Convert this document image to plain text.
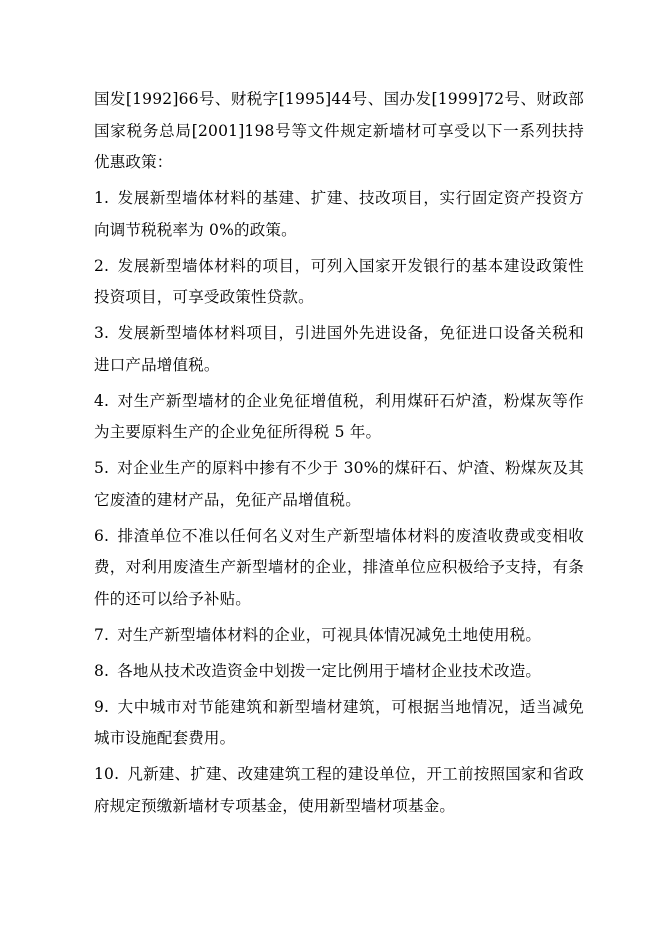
国发[1992]66号、财税字[1995]44号、国办发[1999]72号、财政部国家税务总局[2001]198号等文件规定新墙材可享受以下一系列扶持优惠政策：

1. 发展新型墙体材料的基建、扩建、技改项目，实行固定资产投资方向调节税税率为 0%的政策。

2. 发展新型墙体材料的项目，可列入国家开发银行的基本建设政策性投资项目，可享受政策性贷款。

3. 发展新型墙体材料项目，引进国外先进设备，免征进口设备关税和进口产品增值税。

4. 对生产新型墙材的企业免征增值税，利用煤矸石炉渣，粉煤灰等作为主要原料生产的企业免征所得税 5 年。

5. 对企业生产的原料中掺有不少于 30%的煤矸石、炉渣、粉煤灰及其它废渣的建材产品，免征产品增值税。

6. 排渣单位不准以任何名义对生产新型墙体材料的废渣收费或变相收费，对利用废渣生产新型墙材的企业，排渣单位应积极给予支持，有条件的还可以给予补贴。

7. 对生产新型墙体材料的企业，可视具体情况减免土地使用税。

8. 各地从技术改造资金中划拨一定比例用于墙材企业技术改造。

9. 大中城市对节能建筑和新型墙材建筑，可根据当地情况，适当减免城市设施配套费用。

10. 凡新建、扩建、改建建筑工程的建设单位，开工前按照国家和省政府规定预缴新墙材专项基金，使用新型墙材项基金。
